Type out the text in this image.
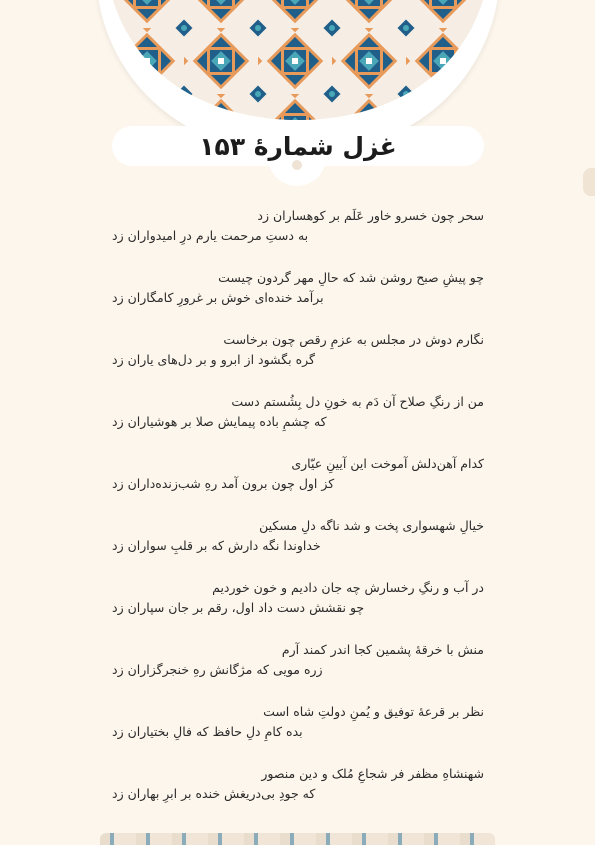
غزل شمارهٔ ۱۵۳
سحر چون خسرو خاور عَلَم بر کوهساران زد
به دستِ مرحمت یارم درِ امیدواران زد
چو پیشِ صبح روشن شد که حالِ مهر گردون چیست
برآمد خنده‌ای خوش بر غرورِ کامگاران زد
نگارم دوش در مجلس به عزمِ رقص چون برخاست
گره بگشود از ابرو و بر دل‌های یاران زد
من از رنگِ صلاح آن دَم به خونِ دل بِشُستم دست
که چشمِ باده پیمایش صلا بر هوشیاران زد
کدام آهن‌دلش آموخت این آیینِ عیّاری
کز اول چون برون آمد رهِ شب‌زنده‌داران زد
خیالِ شهسواری پخت و شد ناگه دلِ مسکین
خداوندا نگه دارش که بر قلبِ سواران زد
در آب و رنگِ رخسارش چه جان دادیم و خون خوردیم
چو نقشش دست داد اول، رقم بر جان سپاران زد
منش با خرقهٔ پشمین کجا اندر کمند آرم
زره مویی که مژگانش رهِ خنجرگزاران زد
نظر بر قرعهٔ توفیق و یُمنِ دولتِ شاه است
بده کامِ دلِ حافظ که فالِ بختیاران زد
شهنشاهِ مظفر فر شجاعِ مُلک و دین منصور
که جودِ بی‌دریغش خنده بر ابرِ بهاران زد
